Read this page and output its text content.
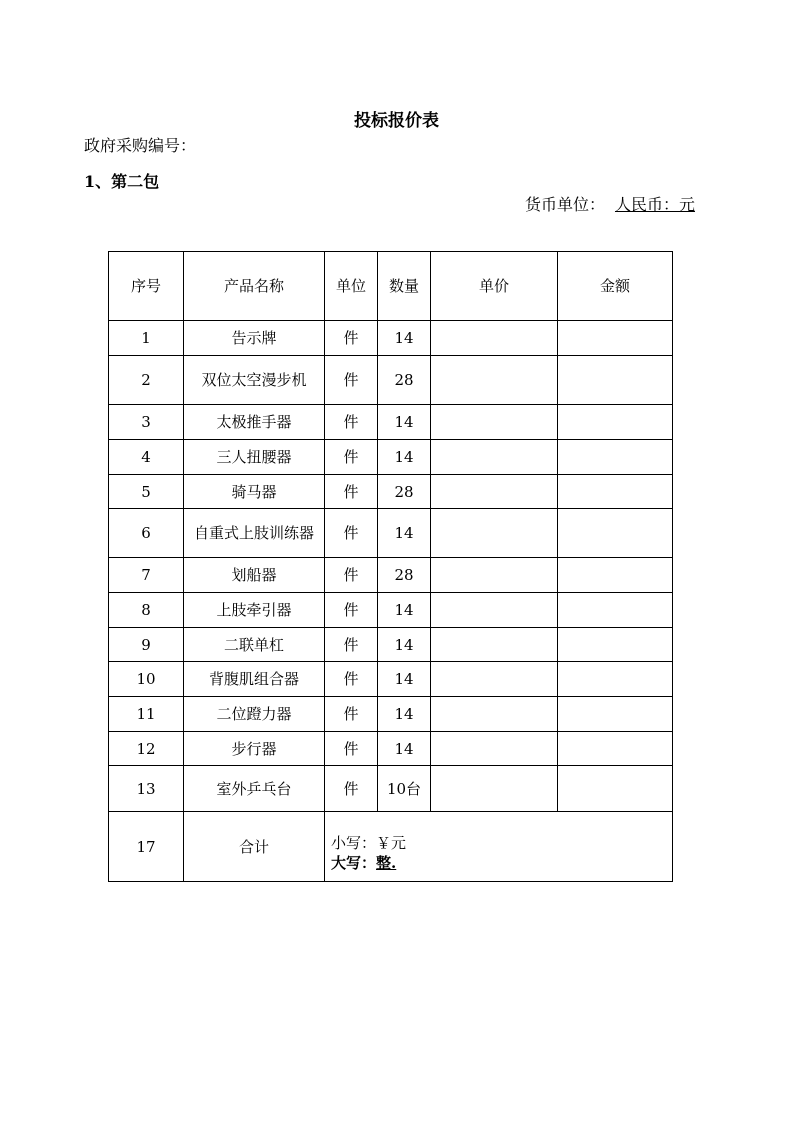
投标报价表
政府采购编号：
1、第二包
货币单位： 人民币：元
序号	产品名称	单位	数量	单价	金额
1	告示牌	件	14		
2	双位太空漫步机	件	28		
3	太极推手器	件	14		
4	三人扭腰器	件	14		
5	骑马器	件	28		
6	自重式上肢训练器	件	14		
7	划船器	件	28		
8	上肢牵引器	件	14		
9	二联单杠	件	14		
10	背腹肌组合器	件	14		
11	二位蹬力器	件	14		
12	步行器	件	14		
13	室外乒乓台	件	10台		
17	合计	小写：￥元
大写：整.			
